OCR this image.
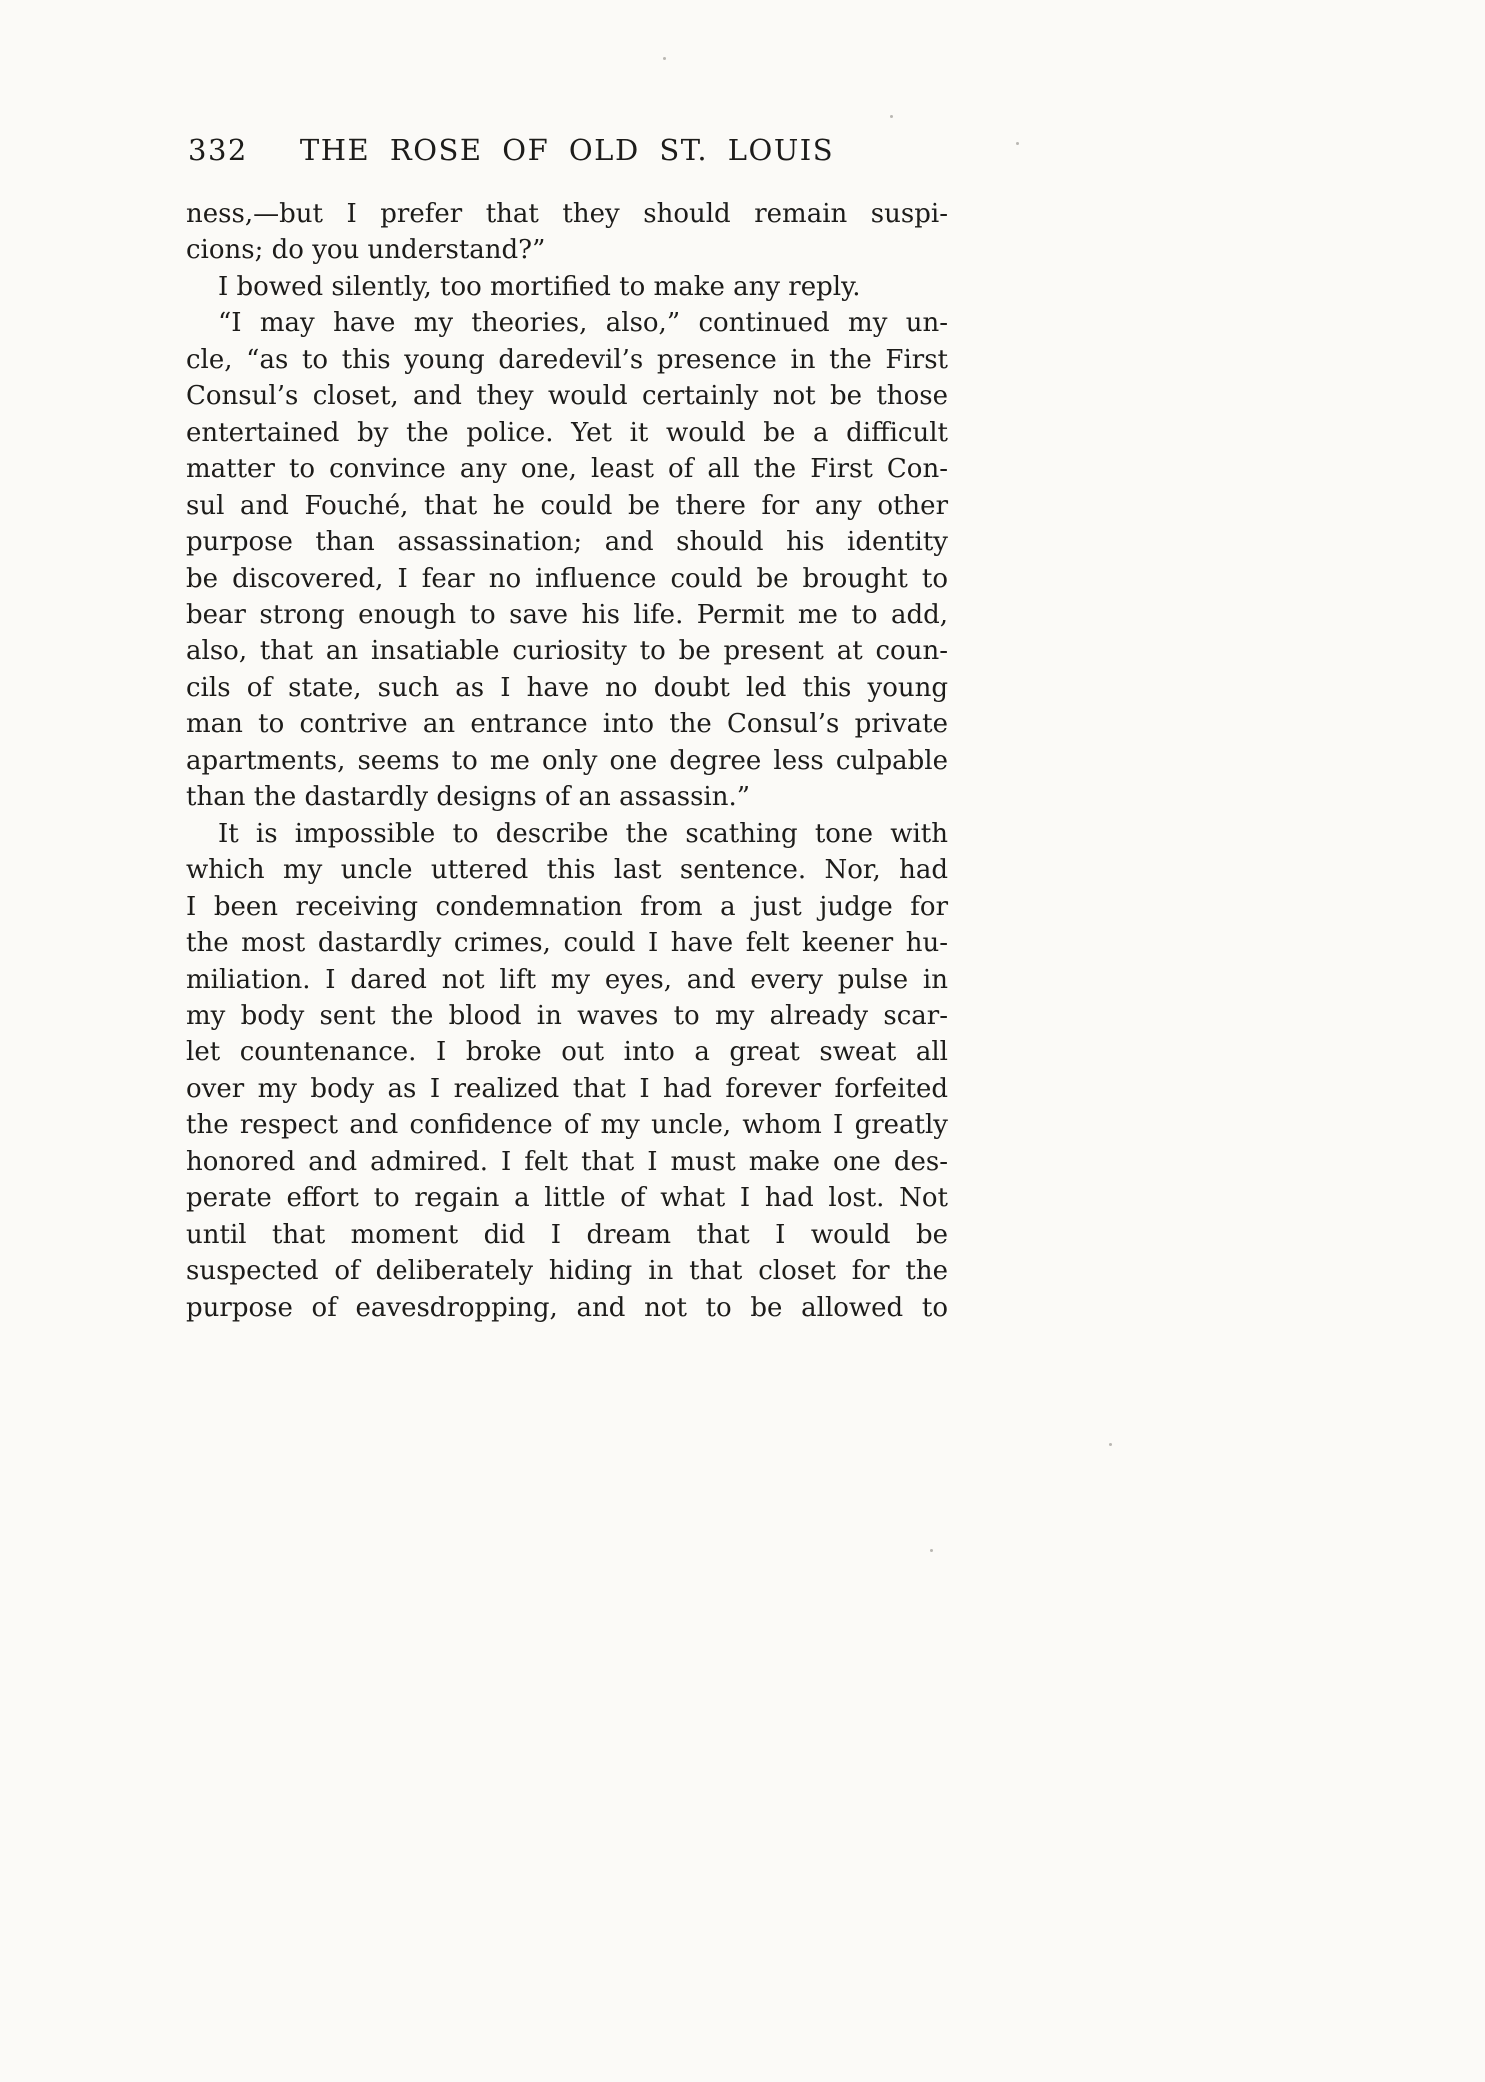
332	THE ROSE OF OLD ST. LOUIS
ness,—but I prefer that they should remain suspi-
cions; do you understand?”
I bowed silently, too mortified to make any reply.
“I may have my theories, also,” continued my un-
cle, “as to this young daredevil’s presence in the First
Consul’s closet, and they would certainly not be those
entertained by the police. Yet it would be a difficult
matter to convince any one, least of all the First Con-
sul and Fouché, that he could be there for any other
purpose than assassination; and should his identity
be discovered, I fear no influence could be brought to
bear strong enough to save his life. Permit me to add,
also, that an insatiable curiosity to be present at coun-
cils of state, such as I have no doubt led this young
man to contrive an entrance into the Consul’s private
apartments, seems to me only one degree less culpable
than the dastardly designs of an assassin.”
It is impossible to describe the scathing tone with
which my uncle uttered this last sentence. Nor, had
I been receiving condemnation from a just judge for
the most dastardly crimes, could I have felt keener hu-
miliation. I dared not lift my eyes, and every pulse in
my body sent the blood in waves to my already scar-
let countenance. I broke out into a great sweat all
over my body as I realized that I had forever forfeited
the respect and confidence of my uncle, whom I greatly
honored and admired. I felt that I must make one des-
perate effort to regain a little of what I had lost. Not
until that moment did I dream that I would be
suspected of deliberately hiding in that closet for the
purpose of eavesdropping, and not to be allowed to
